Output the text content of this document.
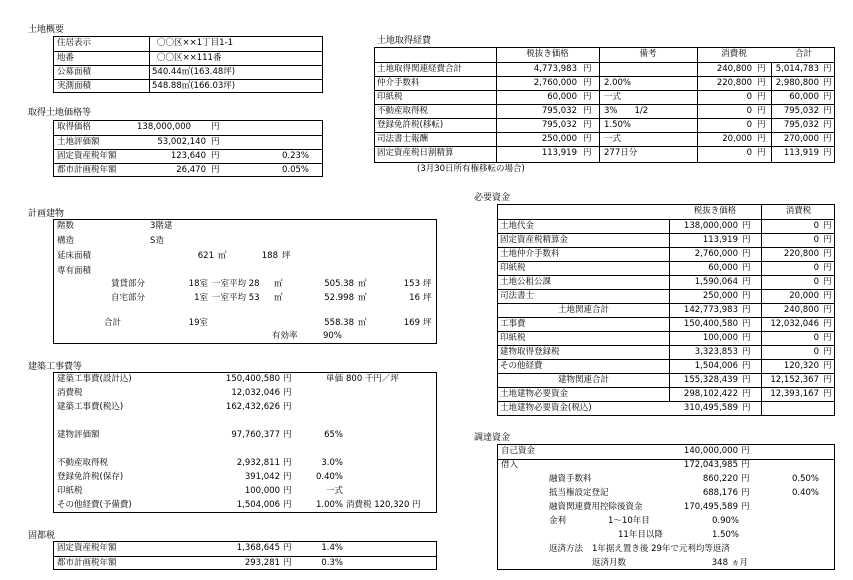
土地概要
住居表示	〇〇区××1丁目1-1
地番	〇〇区××111番
公募面積	540.44㎡(163.48坪)
実測面積	548.88㎡(166.03坪)
取得土地価格等
取得価格	138,000,000 円
土地評価額	53,002,140 円
固定資産税年額	123,640 円	0.23%
都市計画税年額	26,470 円	0.05%
土地取得経費
税抜き価格	備考	消費税	合計
土地取得関連経費合計	4,773,983 円	240,800 円	5,014,783 円
仲介手数料	2,760,000 円 2.00%	220,800 円	2,980,800 円
印紙税	60,000 円 一式	0 円	60,000 円
不動産取得税	795,032 円 3%　　1/2	0 円	795,032 円
登録免許税(移転)	795,032 円 1.50%	0 円	795,032 円
司法書士報酬	250,000 円 一式	20,000 円	270,000 円
固定資産税日割精算	113,919 円 277日分	0 円	113,919 円
(3月30日所有権移転の場合)
計画建物
階数	3階建
構造	S造
延床面積	621 ㎡	188 坪
専有面積
賃貸部分	18室 一室平均 28 ㎡	505.38 ㎡	153 坪
自宅部分	1室 一室平均 53 ㎡	52.998 ㎡	16 坪
合計	19室	558.38 ㎡	169 坪
有効率	90%
建築工事費等
建築工事費(設計込)	150,400,580 円	単価 800 千円／坪
消費税	12,032,046 円
建築工事費(税込)	162,432,626 円
建物評価額	97,760,377 円	65%
不動産取得税	2,932,811 円	3.0%
登録免許税(保存)	391,042 円	0.40%
印紙税	100,000 円	一式
その他経費(予備費)	1,504,006 円	1.00% 消費税 120,320 円
固都税
固定資産税年額	1,368,645 円	1.4%
都市計画税年額	293,281 円	0.3%
必要資金
税抜き価格	消費税
土地代金	138,000,000 円	0 円
固定資産税精算金	113,919 円	0 円
土地仲介手数料	2,760,000 円	220,800 円
印紙税	60,000 円	0 円
土地公租公課	1,590,064 円	0 円
司法書士	250,000 円	20,000 円
土地関連合計	142,773,983 円	240,800 円
工事費	150,400,580 円	12,032,046 円
印紙税	100,000 円	0 円
建物取得登録税	3,323,853 円	0 円
その他経費	1,504,006 円	120,320 円
建物関連合計	155,328,439 円	12,152,367 円
土地建物必要資金	298,102,422 円	12,393,167 円
土地建物必要資金(税込)	310,495,589 円
調達資金
自己資金	140,000,000 円
借入	172,043,985 円
融資手数料	860,220 円	0.50%
抵当権設定登記	688,176 円	0.40%
融資関連費用控除後資金	170,495,589 円
金利	1～10年目	0.90%
11年目以降	1.50%
返済方法 1年据え置き後 29年で元利均等返済
返済月数	348 ヵ月
